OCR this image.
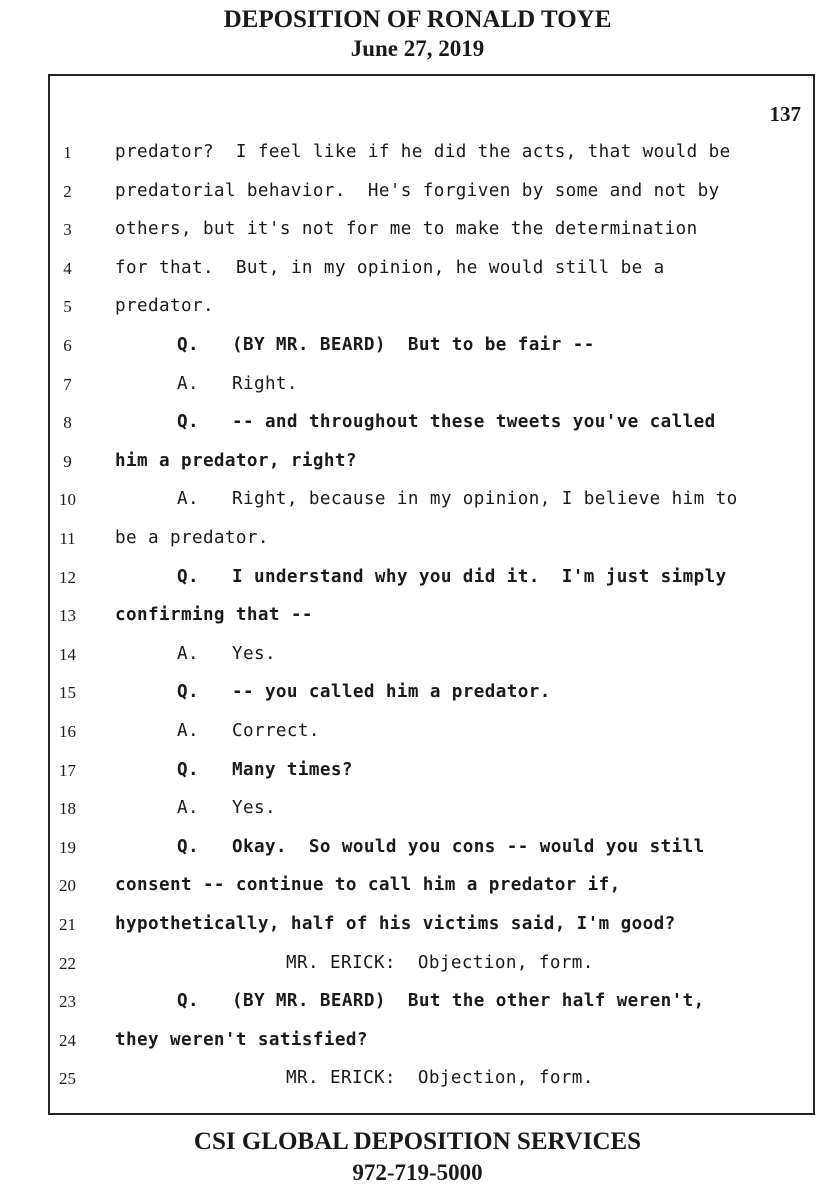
DEPOSITION OF RONALD TOYE
June 27, 2019
137
1	predator?  I feel like if he did the acts, that would be
2	predatorial behavior.  He's forgiven by some and not by
3	others, but it's not for me to make the determination
4	for that.  But, in my opinion, he would still be a
5	predator.
6	Q.   (BY MR. BEARD)  But to be fair --
7	A.   Right.
8	Q.   -- and throughout these tweets you've called
9	him a predator, right?
10	A.   Right, because in my opinion, I believe him to
11	be a predator.
12	Q.   I understand why you did it.  I'm just simply
13	confirming that --
14	A.   Yes.
15	Q.   -- you called him a predator.
16	A.   Correct.
17	Q.   Many times?
18	A.   Yes.
19	Q.   Okay.  So would you cons -- would you still
20	consent -- continue to call him a predator if,
21	hypothetically, half of his victims said, I'm good?
22	MR. ERICK:  Objection, form.
23	Q.   (BY MR. BEARD)  But the other half weren't,
24	they weren't satisfied?
25	MR. ERICK:  Objection, form.
CSI GLOBAL DEPOSITION SERVICES
972-719-5000
